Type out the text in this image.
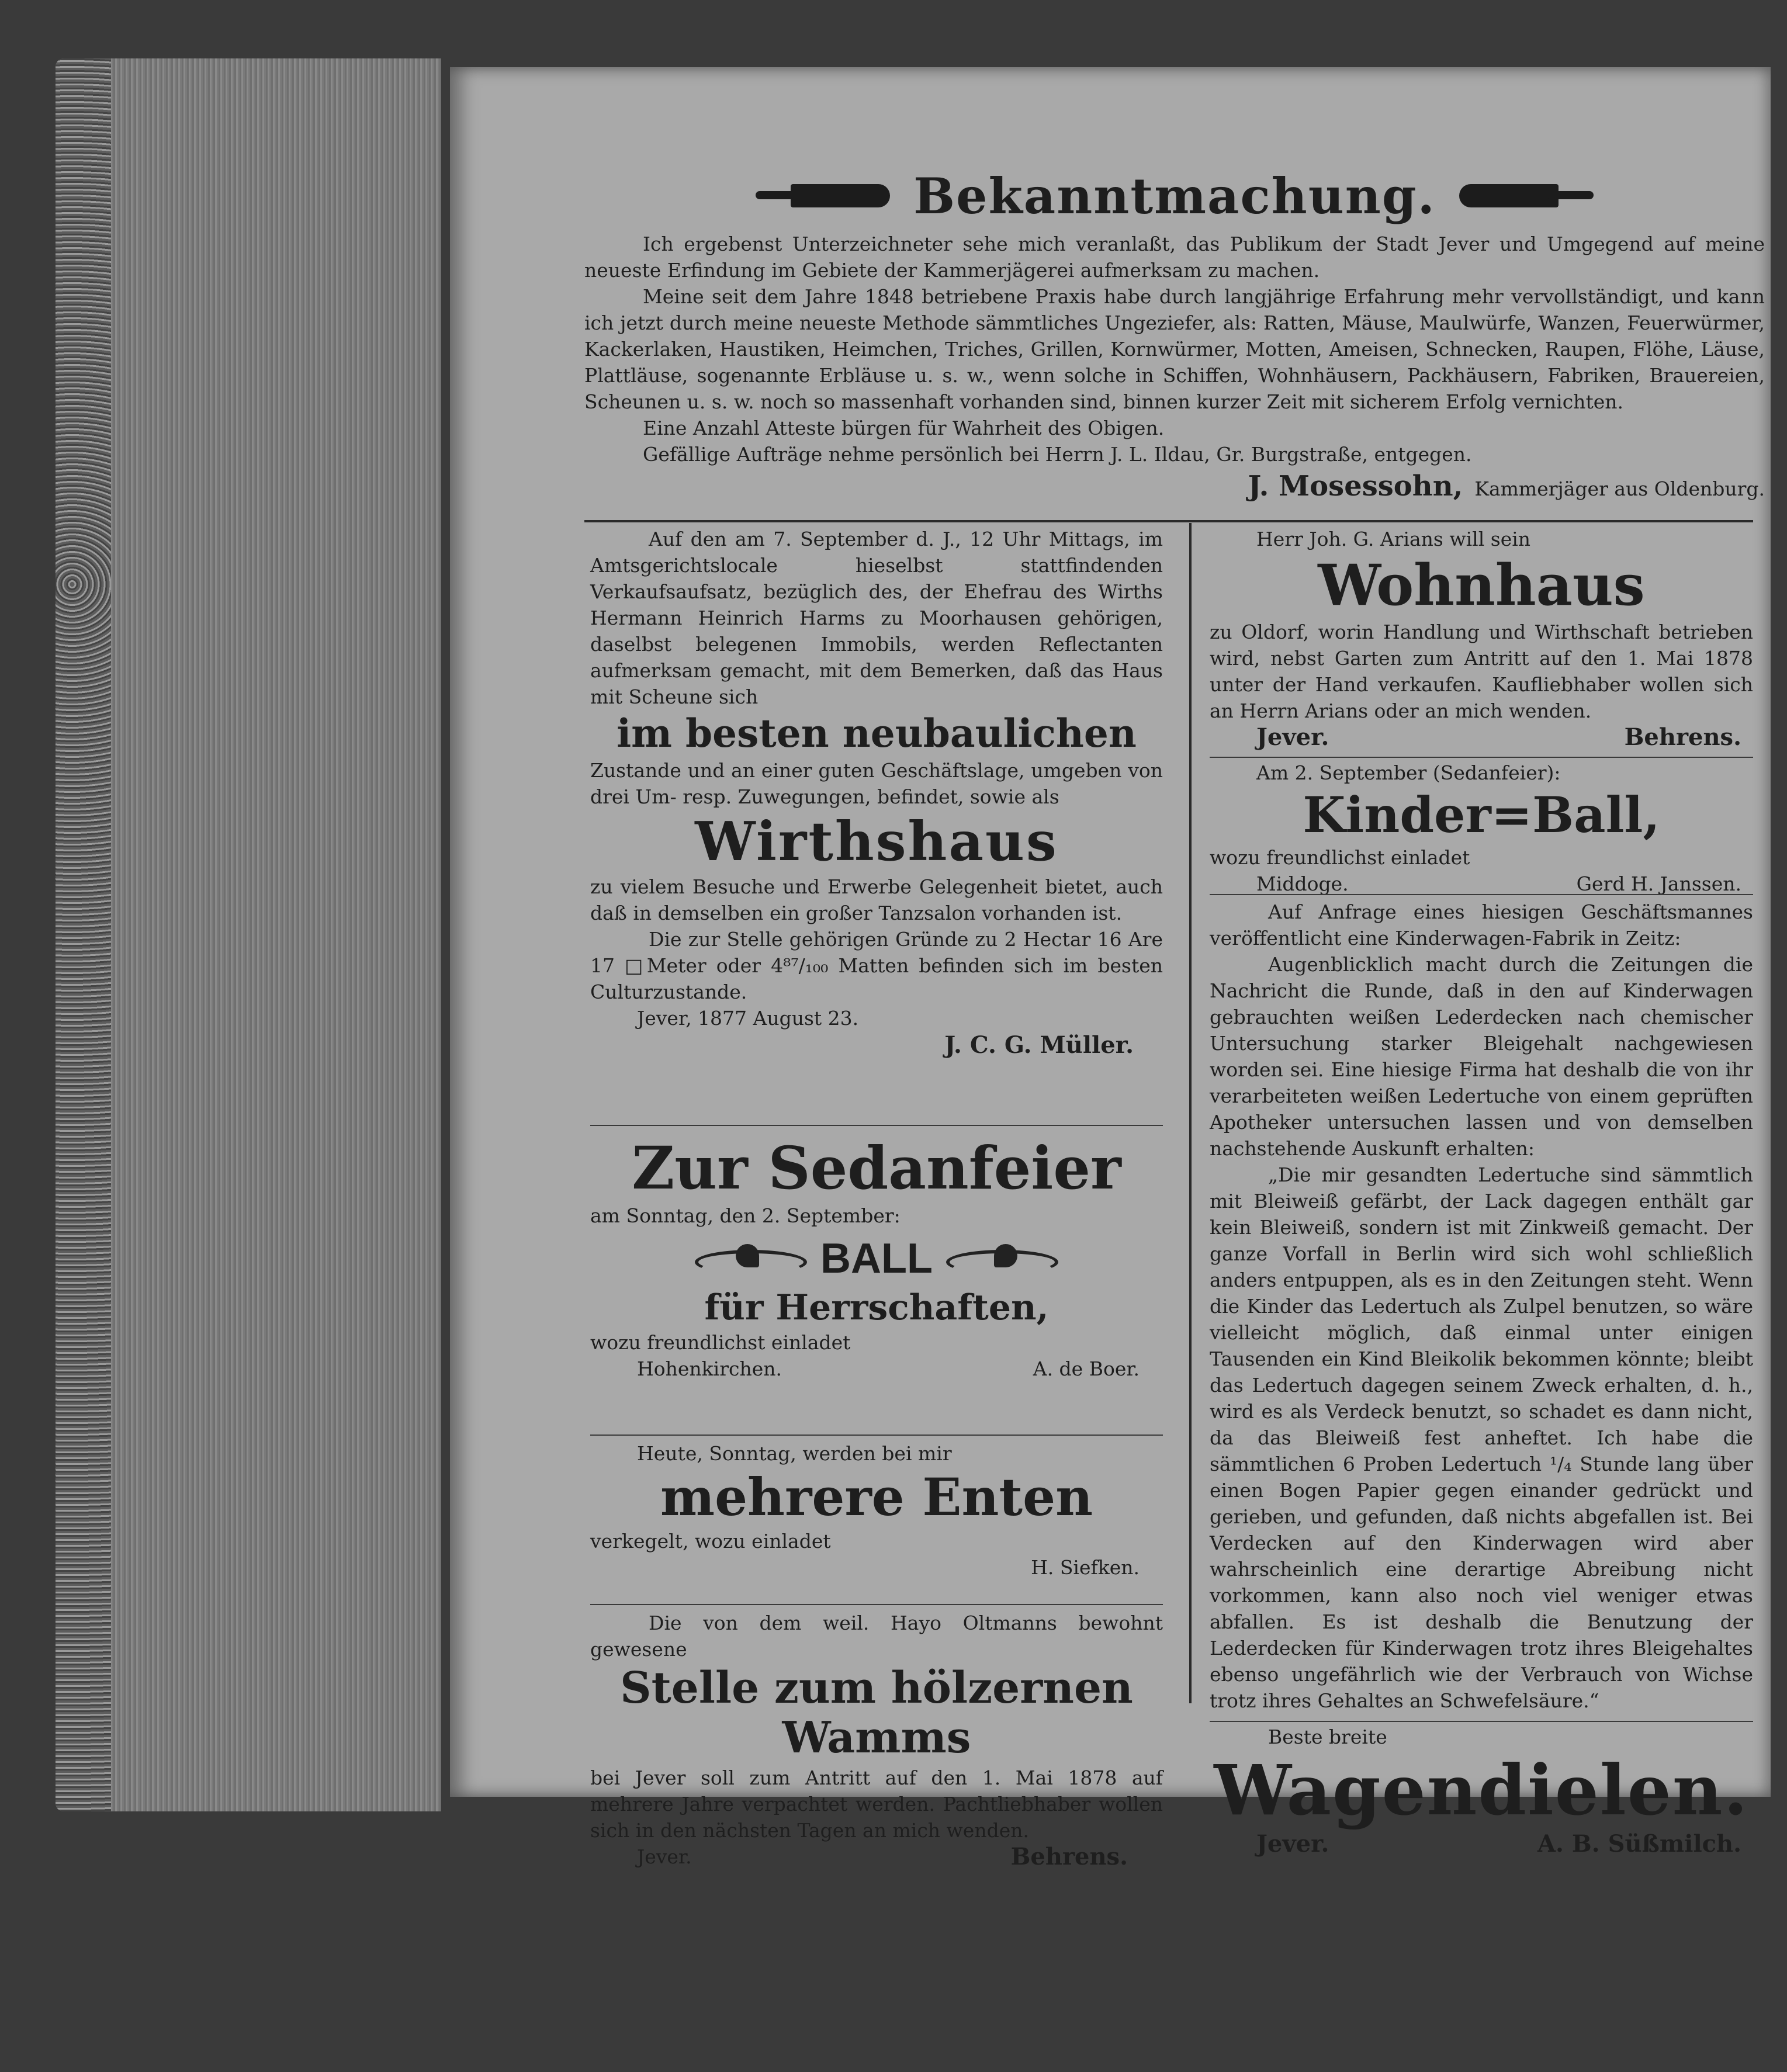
Bekanntmachung.
Ich ergebenst Unterzeichneter sehe mich veranlaßt, das Publikum der Stadt Jever und Umgegend auf meine neueste Erfindung im Gebiete der Kammerjägerei aufmerksam zu machen.
Meine seit dem Jahre 1848 betriebene Praxis habe durch langjährige Erfahrung mehr vervollständigt, und kann ich jetzt durch meine neueste Methode sämmtliches Ungeziefer, als: Ratten, Mäuse, Maulwürfe, Wanzen, Feuerwürmer, Kackerlaken, Haustiken, Heimchen, Triches, Grillen, Kornwürmer, Motten, Ameisen, Schnecken, Raupen, Flöhe, Läuse, Plattläuse, sogenannte Erbläuse u. s. w., wenn solche in Schiffen, Wohnhäusern, Packhäusern, Fabriken, Brauereien, Scheunen u. s. w. noch so massenhaft vorhanden sind, binnen kurzer Zeit mit sicherem Erfolg vernichten.
Eine Anzahl Atteste bürgen für Wahrheit des Obigen.
Gefällige Aufträge nehme persönlich bei Herrn J. L. Ildau, Gr. Burgstraße, entgegen.
J. Mosessohn, Kammerjäger aus Oldenburg.
Auf den am 7. September d. J., 12 Uhr Mittags, im Amtsgerichtslocale hieselbst stattfindenden Verkaufsaufsatz, bezüglich des, der Ehefrau des Wirths Hermann Heinrich Harms zu Moorhausen gehörigen, daselbst belegenen Immobils, werden Reflectanten aufmerksam gemacht, mit dem Bemerken, daß das Haus mit Scheune sich
im besten neubaulichen
Zustande und an einer guten Geschäftslage, umgeben von drei Um- resp. Zuwegungen, befindet, sowie als
Wirthshaus
zu vielem Besuche und Erwerbe Gelegenheit bietet, auch daß in demselben ein großer Tanzsalon vorhanden ist.
Die zur Stelle gehörigen Gründe zu 2 Hectar 16 Are 17 □Meter oder 4⁸⁷/₁₀₀ Matten befinden sich im besten Culturzustande.
Jever, 1877 August 23.
J. C. G. Müller.
Zur Sedanfeier
am Sonntag, den 2. September:
BALL
für Herrschaften,
wozu freundlichst einladet
Hohenkirchen.	A. de Boer.
Heute, Sonntag, werden bei mir
mehrere Enten
verkegelt, wozu einladet
H. Siefken.
Die von dem weil. Hayo Oltmanns bewohnt gewesene
Stelle zum hölzernen
Wamms
bei Jever soll zum Antritt auf den 1. Mai 1878 auf mehrere Jahre verpachtet werden. Pachtliebhaber wollen sich in den nächsten Tagen an mich wenden.
Jever.	Behrens.
Herr Joh. G. Arians will sein
Wohnhaus
zu Oldorf, worin Handlung und Wirthschaft betrieben wird, nebst Garten zum Antritt auf den 1. Mai 1878 unter der Hand verkaufen. Kaufliebhaber wollen sich an Herrn Arians oder an mich wenden.
Jever.	Behrens.
Am 2. September (Sedanfeier):
Kinder=Ball,
wozu freundlichst einladet
Middoge.	Gerd H. Janssen.
Auf Anfrage eines hiesigen Geschäftsmannes veröffentlicht eine Kinderwagen-Fabrik in Zeitz:
Augenblicklich macht durch die Zeitungen die Nachricht die Runde, daß in den auf Kinderwagen gebrauchten weißen Lederdecken nach chemischer Untersuchung starker Bleigehalt nachgewiesen worden sei. Eine hiesige Firma hat deshalb die von ihr verarbeiteten weißen Ledertuche von einem geprüften Apotheker untersuchen lassen und von demselben nachstehende Auskunft erhalten:
„Die mir gesandten Ledertuche sind sämmtlich mit Bleiweiß gefärbt, der Lack dagegen enthält gar kein Bleiweiß, sondern ist mit Zinkweiß gemacht. Der ganze Vorfall in Berlin wird sich wohl schließlich anders entpuppen, als es in den Zeitungen steht. Wenn die Kinder das Ledertuch als Zulpel benutzen, so wäre vielleicht möglich, daß einmal unter einigen Tausenden ein Kind Bleikolik bekommen könnte; bleibt das Ledertuch dagegen seinem Zweck erhalten, d. h., wird es als Verdeck benutzt, so schadet es dann nicht, da das Bleiweiß fest anheftet. Ich habe die sämmtlichen 6 Proben Ledertuch ¹/₄ Stunde lang über einen Bogen Papier gegen einander gedrückt und gerieben, und gefunden, daß nichts abgefallen ist. Bei Verdecken auf den Kinderwagen wird aber wahrscheinlich eine derartige Abreibung nicht vorkommen, kann also noch viel weniger etwas abfallen. Es ist deshalb die Benutzung der Lederdecken für Kinderwagen trotz ihres Bleigehaltes ebenso ungefährlich wie der Verbrauch von Wichse trotz ihres Gehaltes an Schwefelsäure.“
Beste breite
Wagendielen.
Jever.	A. B. Süßmilch.
